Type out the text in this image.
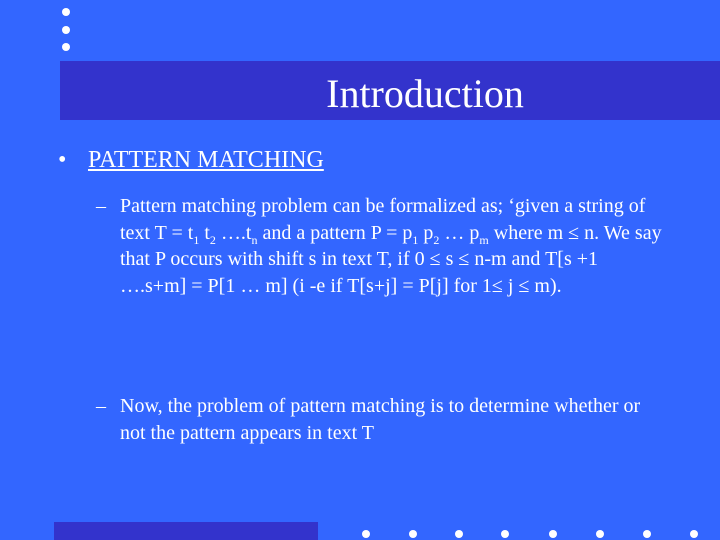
Introduction
• PATTERN MATCHING
– Pattern matching problem can be formalized as; ‘given a string of text $T = t_1$ $t_2$ $\dots.t_n$ and a pattern $P = p_1$ $p_2$ … $p_m$ where m ≤ n. We say that P occurs with shift s in text T, if 0 ≤ s ≤ n-m and T[s +1 ….s+m] = P[1 … m] (i -e if T[s+j] = P[j] for 1≤ j ≤ m).
– Now, the problem of pattern matching is to determine whether or not the pattern appears in text T
